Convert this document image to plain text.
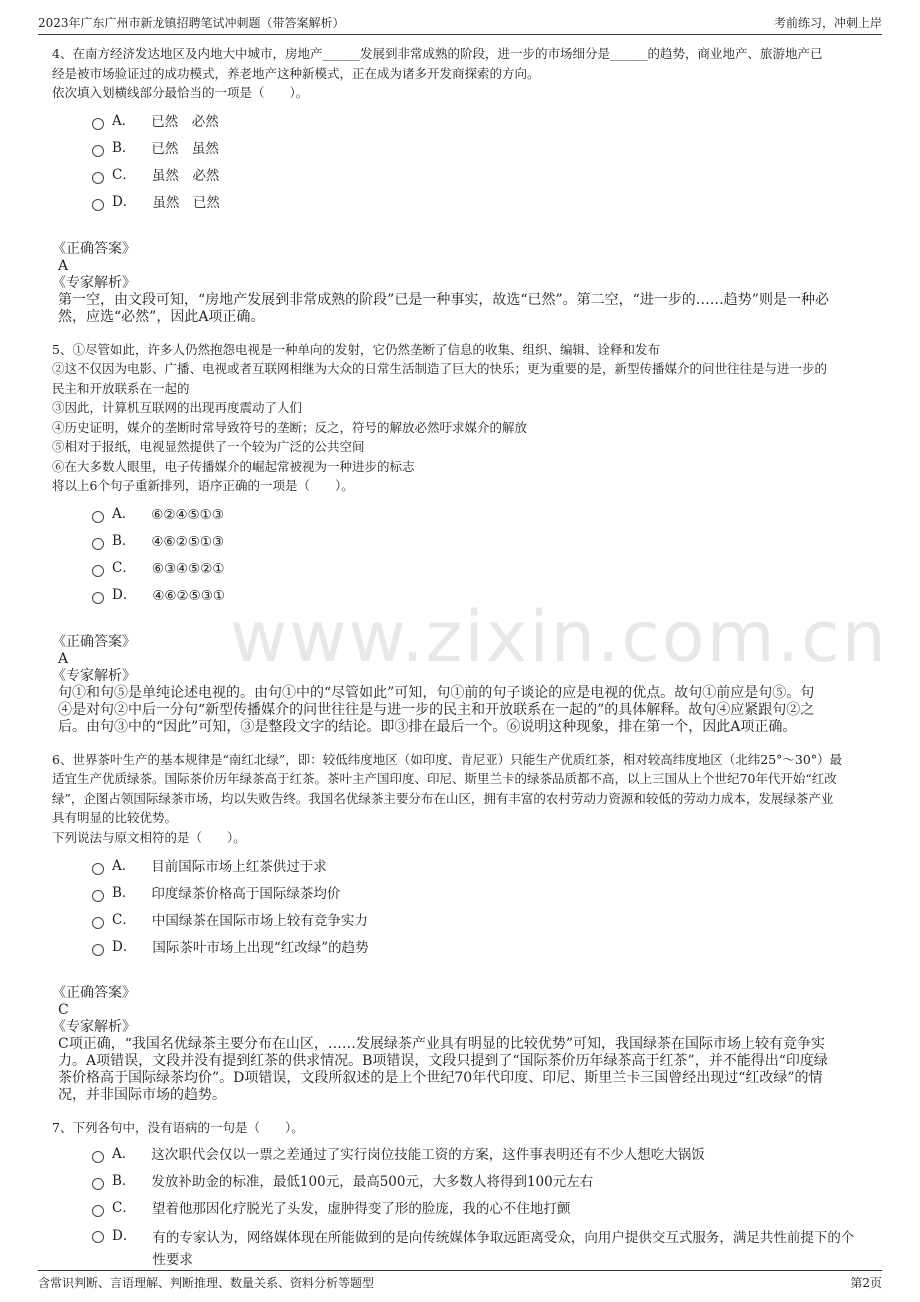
2023年广东广州市新龙镇招聘笔试冲刺题（带答案解析）	考前练习，冲刺上岸
www.zixin.com.cn

4、在南方经济发达地区及内地大中城市，房地产______发展到非常成熟的阶段，进一步的市场细分是______的趋势，商业地产、旅游地产已

经是被市场验证过的成功模式，养老地产这种新模式，正在成为诸多开发商探索的方向。

依次填入划横线部分最恰当的一项是（　　）。

A． 已然　必然
B． 已然　虽然
C． 虽然　必然
D． 虽然　已然
《正确答案》
A
《专家解析》
第一空，由文段可知，“房地产发展到非常成熟的阶段”已是一种事实，故选“已然”。第二空，“进一步的……趋势”则是一种必
然，应选“必然”，因此A项正确。

5、①尽管如此，许多人仍然抱怨电视是一种单向的发射，它仍然垄断了信息的收集、组织、编辑、诠释和发布

②这不仅因为电影、广播、电视或者互联网相继为大众的日常生活制造了巨大的快乐；更为重要的是，新型传播媒介的问世往往是与进一步的

民主和开放联系在一起的

③因此，计算机互联网的出现再度震动了人们

④历史证明，媒介的垄断时常导致符号的垄断；反之，符号的解放必然吁求媒介的解放

⑤相对于报纸，电视显然提供了一个较为广泛的公共空间

⑥在大多数人眼里，电子传播媒介的崛起常被视为一种进步的标志

将以上6个句子重新排列，语序正确的一项是（　　）。

A． ⑥②④⑤①③
B． ④⑥②⑤①③
C． ⑥③④⑤②①
D． ④⑥②⑤③①
《正确答案》
A
《专家解析》
句①和句⑤是单纯论述电视的。由句①中的“尽管如此”可知，句①前的句子谈论的应是电视的优点。故句①前应是句⑤。句
④是对句②中后一分句“新型传播媒介的问世往往是与进一步的民主和开放联系在一起的”的具体解释。故句④应紧跟句②之
后。由句③中的“因此”可知，③是整段文字的结论。即③排在最后一个。⑥说明这种现象，排在第一个，因此A项正确。

6、世界茶叶生产的基本规律是“南红北绿”，即：较低纬度地区（如印度、肯尼亚）只能生产优质红茶，相对较高纬度地区（北纬25°～30°）最

适宜生产优质绿茶。国际茶价历年绿茶高于红茶。茶叶主产国印度、印尼、斯里兰卡的绿茶品质都不高，以上三国从上个世纪70年代开始“红改

绿”，企图占领国际绿茶市场，均以失败告终。我国名优绿茶主要分布在山区，拥有丰富的农村劳动力资源和较低的劳动力成本，发展绿茶产业

具有明显的比较优势。

下列说法与原文相符的是（　　）。

A． 目前国际市场上红茶供过于求
B． 印度绿茶价格高于国际绿茶均价
C． 中国绿茶在国际市场上较有竞争实力
D． 国际茶叶市场上出现“红改绿”的趋势
《正确答案》
C
《专家解析》
C项正确，“我国名优绿茶主要分布在山区，……发展绿茶产业具有明显的比较优势”可知，我国绿茶在国际市场上较有竞争实
力。A项错误，文段并没有提到红茶的供求情况。B项错误，文段只提到了“国际茶价历年绿茶高于红茶”，并不能得出“印度绿
茶价格高于国际绿茶均价”。D项错误，文段所叙述的是上个世纪70年代印度、印尼、斯里兰卡三国曾经出现过“红改绿”的情
况，并非国际市场的趋势。

7、下列各句中，没有语病的一句是（　　）。

A． 这次职代会仅以一票之差通过了实行岗位技能工资的方案，这件事表明还有不少人想吃大锅饭
B． 发放补助金的标准，最低100元，最高500元，大多数人将得到100元左右
C． 望着他那因化疗脱光了头发，虚肿得变了形的脸庞，我的心不住地打颤
D． 有的专家认为，网络媒体现在所能做到的是向传统媒体争取远距离受众，向用户提供交互式服务，满足共性前提下的个性要求
含常识判断、言语理解、判断推理、数量关系、资料分析等题型	第2页
